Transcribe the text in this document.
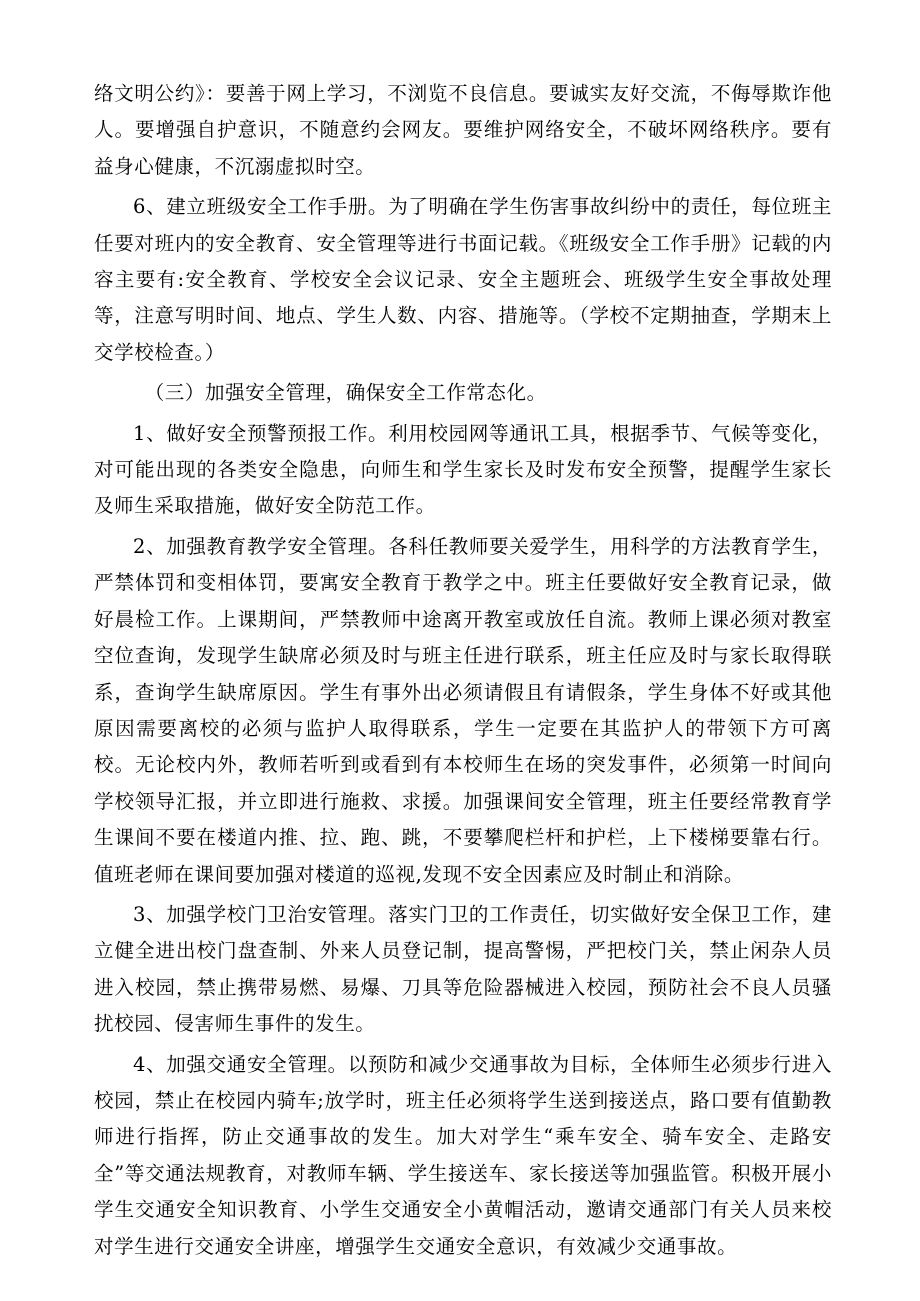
络文明公约》：要善于网上学习，不浏览不良信息。要诚实友好交流，不侮辱欺诈他人。要增强自护意识，不随意约会网友。要维护网络安全，不破坏网络秩序。要有益身心健康，不沉溺虚拟时空。

6、建立班级安全工作手册。为了明确在学生伤害事故纠纷中的责任，每位班主任要对班内的安全教育、安全管理等进行书面记载。《班级安全工作手册》记载的内容主要有:安全教育、学校安全会议记录、安全主题班会、班级学生安全事故处理等，注意写明时间、地点、学生人数、内容、措施等。（学校不定期抽查，学期末上交学校检查。）

（三）加强安全管理，确保安全工作常态化。

1、做好安全预警预报工作。利用校园网等通讯工具，根据季节、气候等变化，对可能出现的各类安全隐患，向师生和学生家长及时发布安全预警，提醒学生家长及师生采取措施，做好安全防范工作。

2、加强教育教学安全管理。各科任教师要关爱学生，用科学的方法教育学生，严禁体罚和变相体罚，要寓安全教育于教学之中。班主任要做好安全教育记录，做好晨检工作。上课期间，严禁教师中途离开教室或放任自流。教师上课必须对教室空位查询，发现学生缺席必须及时与班主任进行联系，班主任应及时与家长取得联系，查询学生缺席原因。学生有事外出必须请假且有请假条，学生身体不好或其他原因需要离校的必须与监护人取得联系，学生一定要在其监护人的带领下方可离校。无论校内外，教师若听到或看到有本校师生在场的突发事件，必须第一时间向学校领导汇报，并立即进行施救、求援。加强课间安全管理，班主任要经常教育学生课间不要在楼道内推、拉、跑、跳，不要攀爬栏杆和护栏，上下楼梯要靠右行。值班老师在课间要加强对楼道的巡视,发现不安全因素应及时制止和消除。

3、加强学校门卫治安管理。落实门卫的工作责任，切实做好安全保卫工作，建立健全进出校门盘查制、外来人员登记制，提高警惕，严把校门关，禁止闲杂人员进入校园，禁止携带易燃、易爆、刀具等危险器械进入校园，预防社会不良人员骚扰校园、侵害师生事件的发生。

4、加强交通安全管理。以预防和减少交通事故为目标，全体师生必须步行进入校园，禁止在校园内骑车;放学时，班主任必须将学生送到接送点，路口要有值勤教师进行指挥，防止交通事故的发生。加大对学生“乘车安全、骑车安全、走路安全”等交通法规教育，对教师车辆、学生接送车、家长接送等加强监管。积极开展小学生交通安全知识教育、小学生交通安全小黄帽活动，邀请交通部门有关人员来校对学生进行交通安全讲座，增强学生交通安全意识，有效减少交通事故。
